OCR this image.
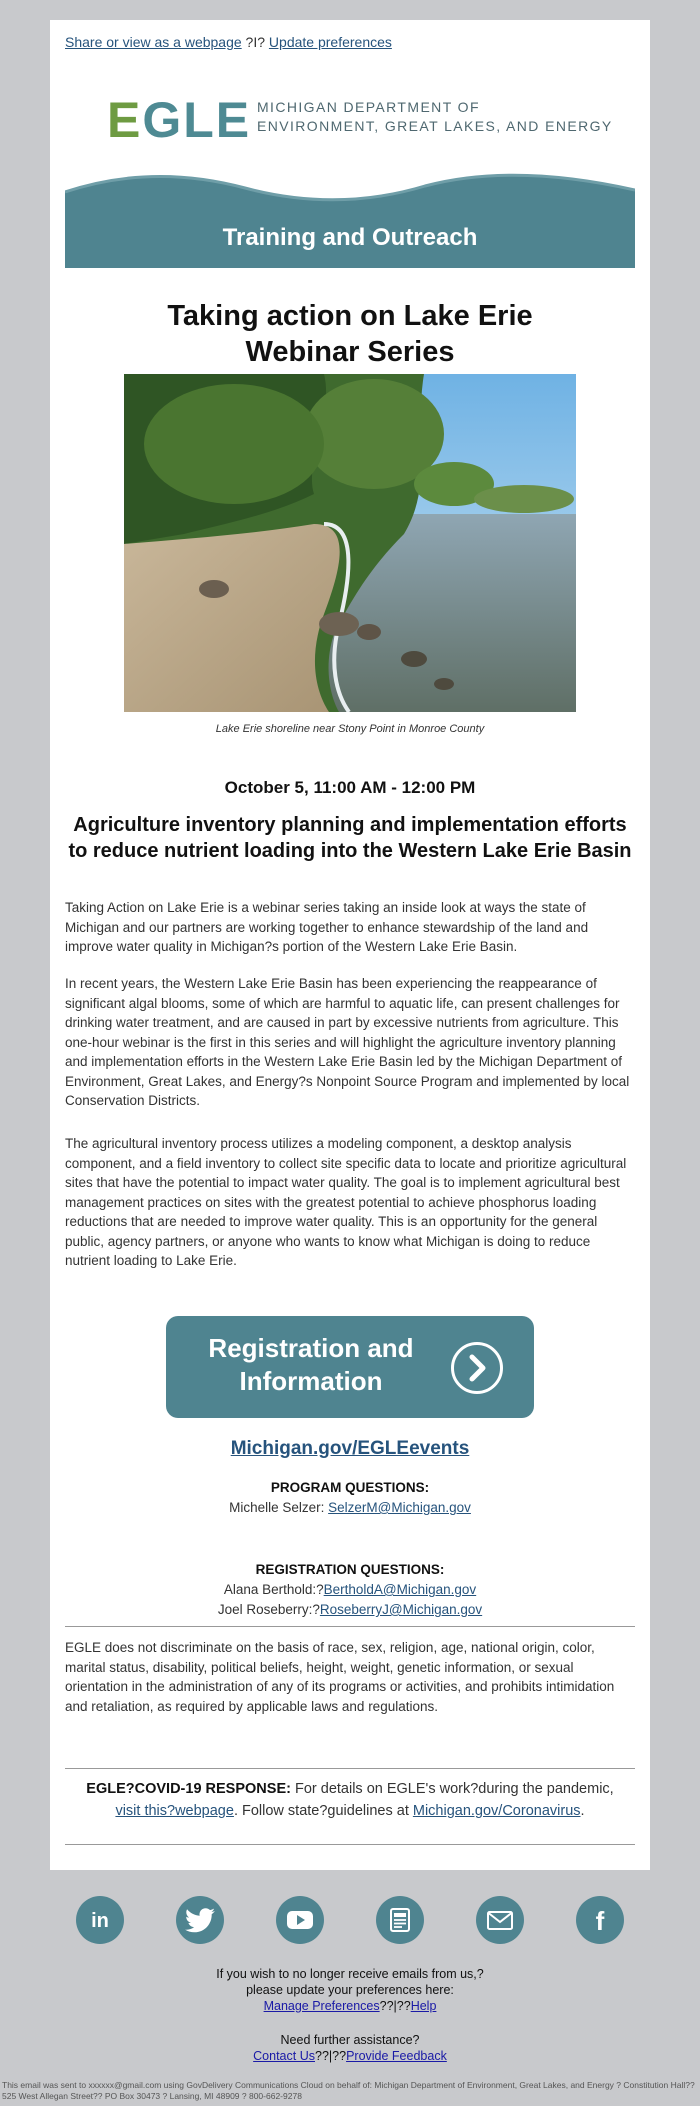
Share or view as a webpage ?I? Update preferences
EGLE MICHIGAN DEPARTMENT OF
ENVIRONMENT, GREAT LAKES, AND ENERGY
Training and Outreach
Taking action on Lake Erie
Webinar Series
Lake Erie shoreline near Stony Point in Monroe County
October 5, 11:00 AM - 12:00 PM
Agriculture inventory planning and implementation efforts to reduce nutrient loading into the Western Lake Erie Basin
Taking Action on Lake Erie is a webinar series taking an inside look at ways the state of Michigan and our partners are working together to enhance stewardship of the land and improve water quality in Michigan?s portion of the Western Lake Erie Basin.
In recent years, the Western Lake Erie Basin has been experiencing the reappearance of significant algal blooms, some of which are harmful to aquatic life, can present challenges for drinking water treatment, and are caused in part by excessive nutrients from agriculture. This one-hour webinar is the first in this series and will highlight the agriculture inventory planning and implementation efforts in the Western Lake Erie Basin led by the Michigan Department of Environment, Great Lakes, and Energy?s Nonpoint Source Program and implemented by local Conservation Districts.
The agricultural inventory process utilizes a modeling component, a desktop analysis component, and a field inventory to collect site specific data to locate and prioritize agricultural sites that have the potential to impact water quality. The goal is to implement agricultural best management practices on sites with the greatest potential to achieve phosphorus loading reductions that are needed to improve water quality. This is an opportunity for the general public, agency partners, or anyone who wants to know what Michigan is doing to reduce nutrient loading to Lake Erie.
Registration and
Information
Michigan.gov/EGLEevents
PROGRAM QUESTIONS:
Michelle Selzer: SelzerM@Michigan.gov
REGISTRATION QUESTIONS:
Alana Berthold:?BertholdA@Michigan.gov
Joel Roseberry:?RoseberryJ@Michigan.gov
EGLE does not discriminate on the basis of race, sex, religion, age, national origin, color, marital status, disability, political beliefs, height, weight, genetic information, or sexual orientation in the administration of any of its programs or activities, and prohibits intimidation and retaliation, as required by applicable laws and regulations.
EGLE?COVID-19 RESPONSE: For details on EGLE's work?during the pandemic,
visit this?webpage. Follow state?guidelines at Michigan.gov/Coronavirus.
in	f
If you wish to no longer receive emails from us,?
please update your preferences here:
Manage Preferences??|??Help
Need further assistance?
Contact Us??|??Provide Feedback
This email was sent to xxxxxx@gmail.com using GovDelivery Communications Cloud on behalf of: Michigan Department of Environment, Great Lakes, and Energy ? Constitution Hall?? 525 West Allegan Street?? PO Box 30473 ? Lansing, MI 48909 ? 800-662-9278
